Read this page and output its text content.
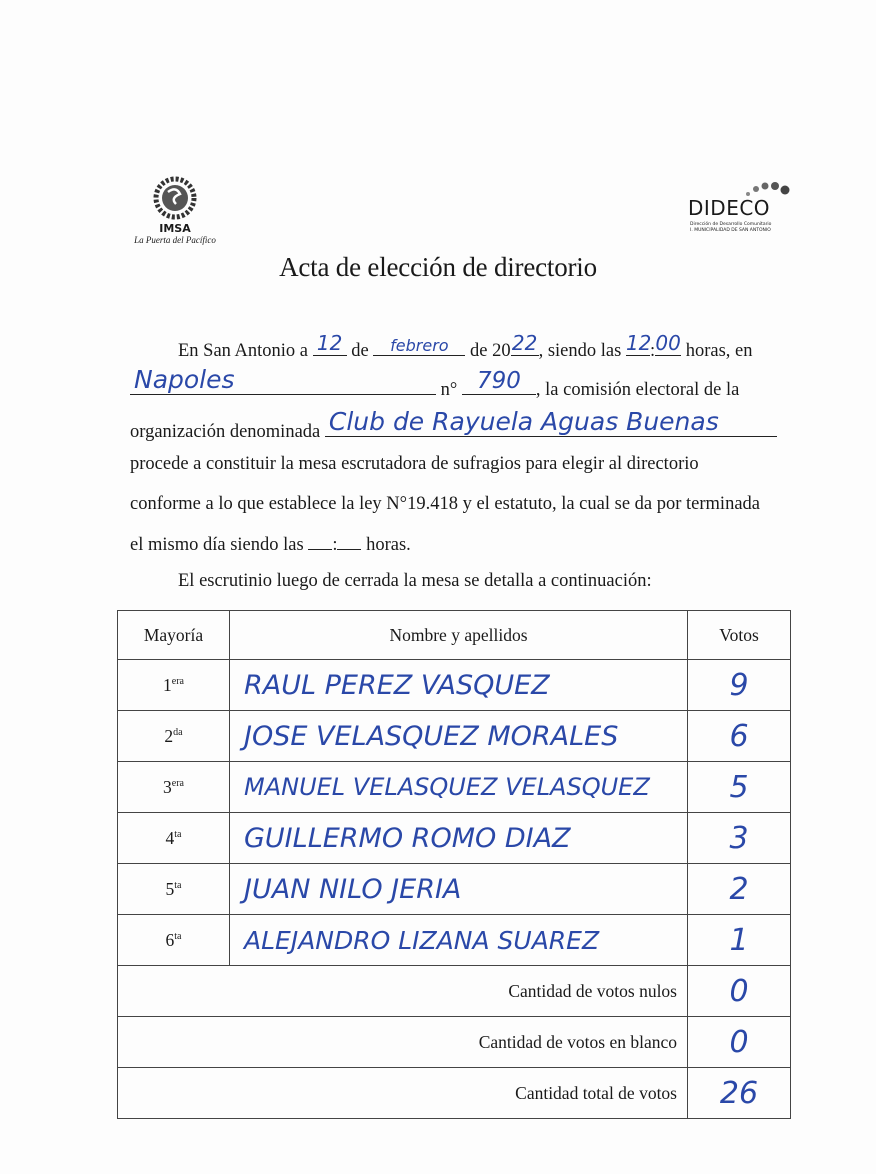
IMSA
La Puerta del Pacífico
DIDECO
Dirección de Desarrollo Comunitario
I. MUNICIPALIDAD DE SAN ANTONIO
Acta de elección de directorio
En San Antonio a 12 de	febrero	de 20 22 , siendo las 12
: 00 horas, en
Napoles	n° 790 , la comisión electoral de la
organización denominada Club de Rayuela Aguas Buenas
procede a constituir la mesa escrutadora de sufragios para elegir al directorio
conforme a lo que establece la ley N°19.418 y el estatuto, la cual se da por terminada
el mismo día siendo las : horas.
El escrutinio luego de cerrada la mesa se detalla a continuación:
Mayoría	Nombre y apellidos	Votos
$1^{era}$	RAUL PEREZ VASQUEZ	9
$2^{da}$	JOSE VELASQUEZ MORALES	6
$3^{era}$	MANUEL VELASQUEZ VELASQUEZ	5
$4^{ta}$	GUILLERMO ROMO DIAZ	3
$5^{ta}$	JUAN NILO JERIA	2
$6^{ta}$	ALEJANDRO LIZANA SUAREZ	1
Cantidad de votos nulos		0
Cantidad de votos en blanco		0
Cantidad total de votos		26
